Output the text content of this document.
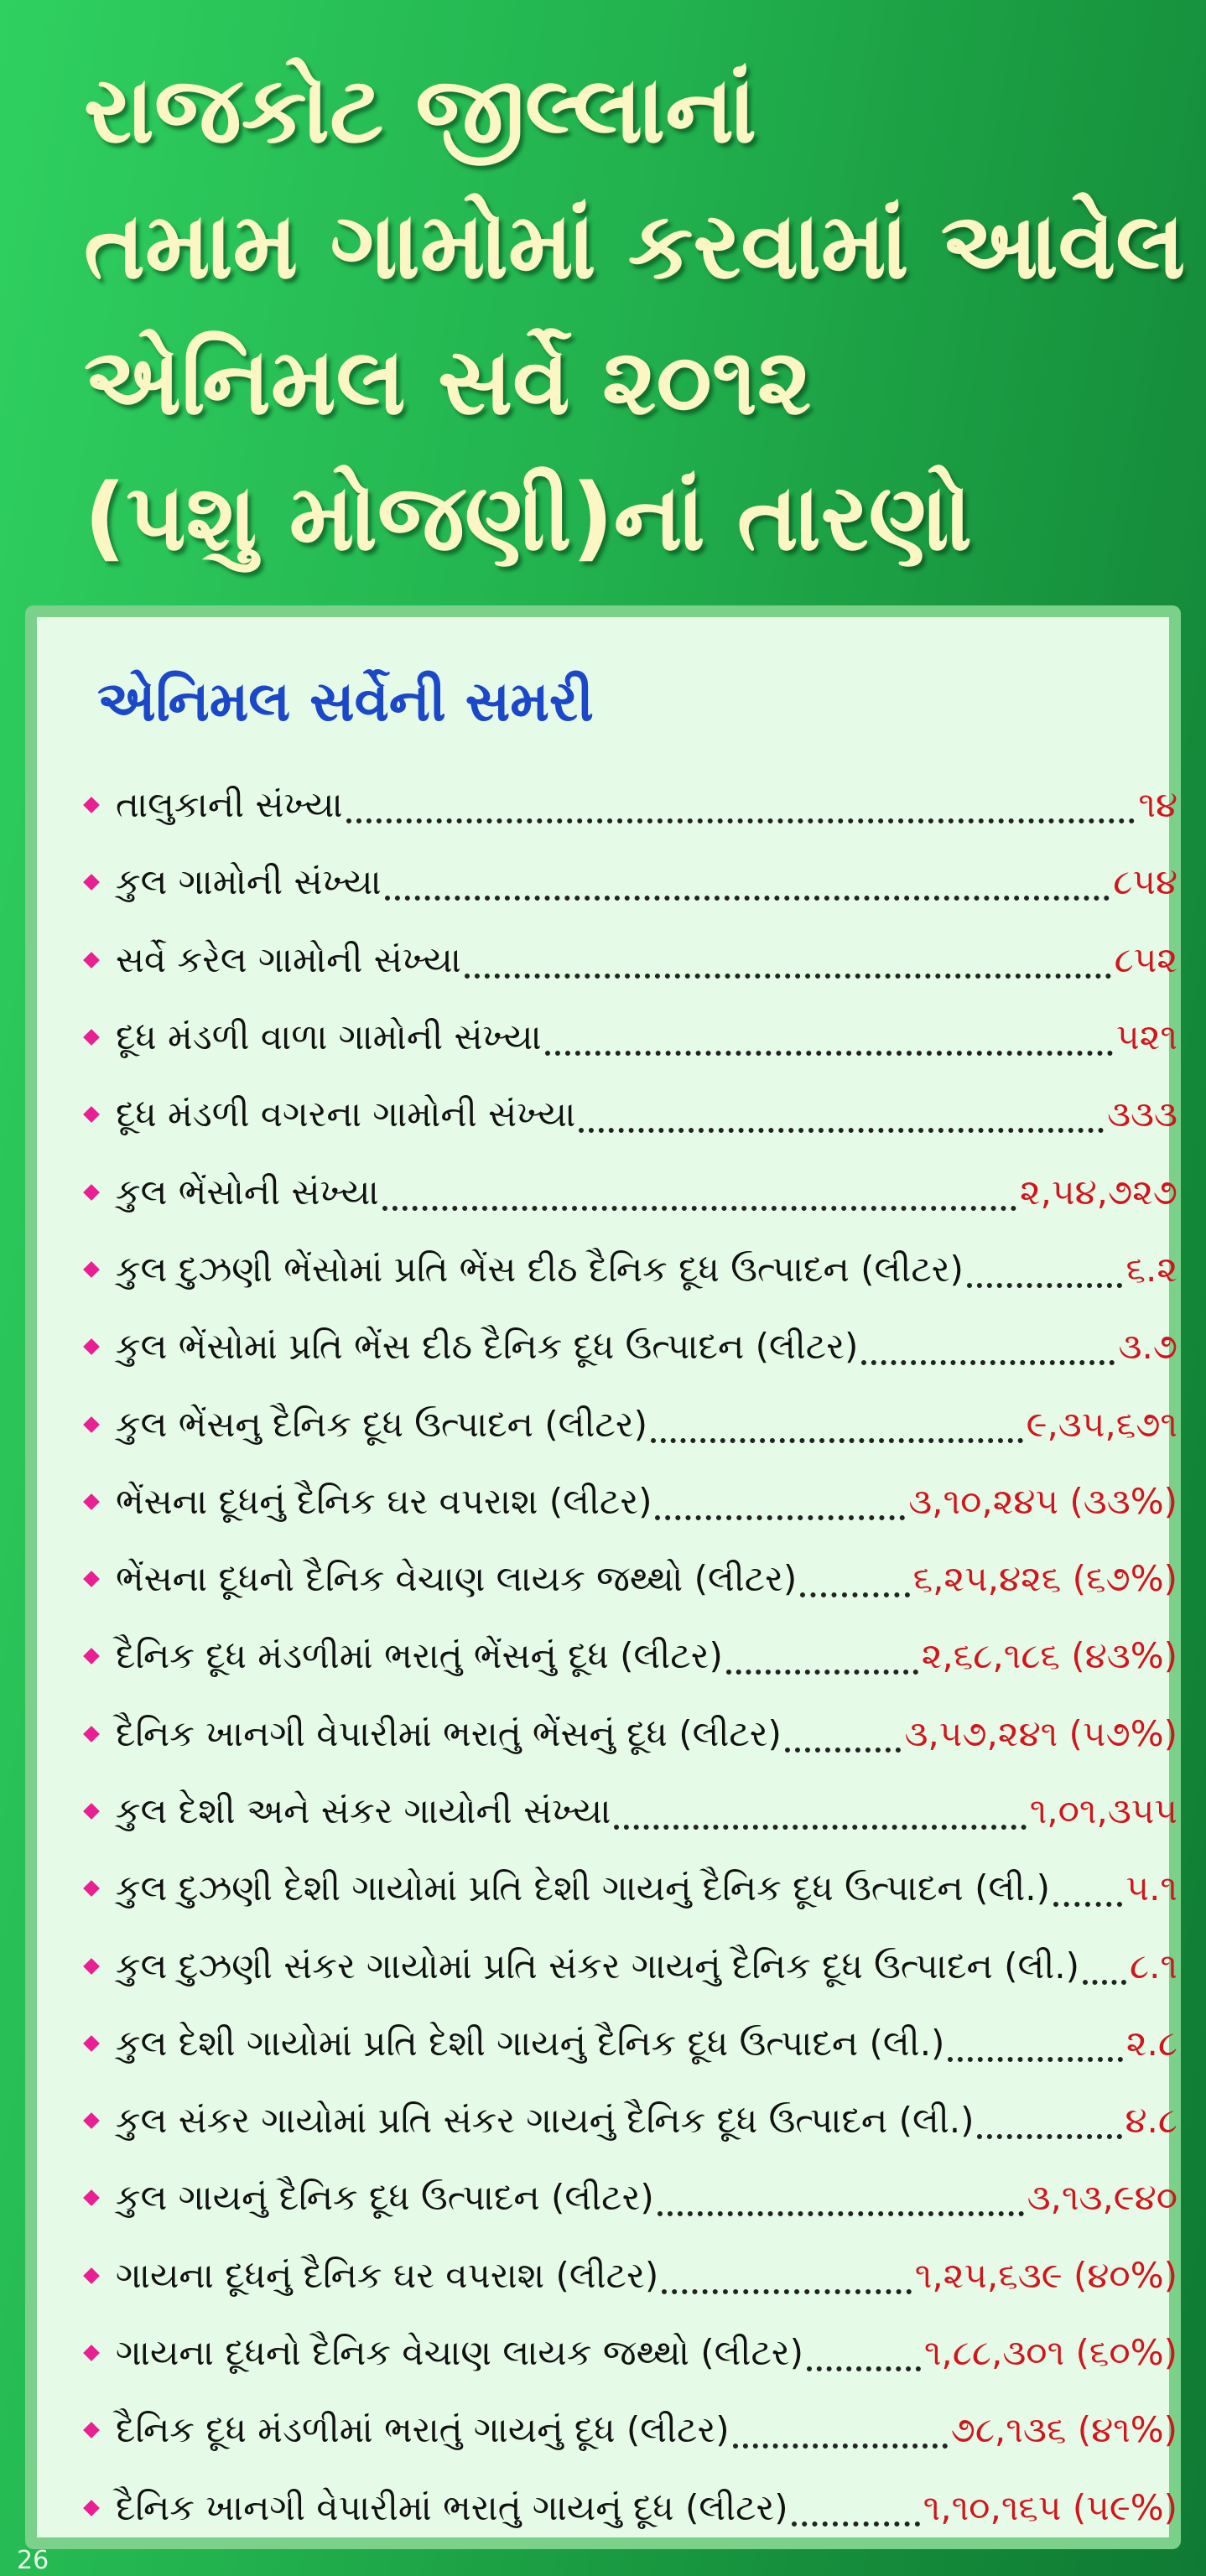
રાજકોટ જીલ્લાનાં
તમામ ગામોમાં કરવામાં આવેલ
એનિમલ સર્વે ૨૦૧૨
(પશુ મોજણી)નાં તારણો
એનિમલ સર્વેની સમરી
તાલુકાની સંખ્યા	૧૪
કુલ ગામોની સંખ્યા	૮૫૪
સર્વે કરેલ ગામોની સંખ્યા	૮૫૨
દૂધ મંડળી વાળા ગામોની સંખ્યા	૫૨૧
દૂધ મંડળી વગરના ગામોની સંખ્યા	૩૩૩
કુલ ભેંસોની સંખ્યા	૨,૫૪,૭૨૭
કુલ દુઝણી ભેંસોમાં પ્રતિ ભેંસ દીઠ દૈનિક દૂધ ઉત્પાદન (લીટર)	૬.૨
કુલ ભેંસોમાં પ્રતિ ભેંસ દીઠ દૈનિક દૂધ ઉત્પાદન (લીટર)	૩.૭
કુલ ભેંસનુ દૈનિક દૂધ ઉત્પાદન (લીટર)	૯,૩૫,૬૭૧
ભેંસના દૂધનું દૈનિક ઘર વપરાશ (લીટર)	૩,૧૦,૨૪૫ (૩૩%)
ભેંસના દૂધનો દૈનિક વેચાણ લાયક જથ્થો (લીટર)	૬,૨૫,૪૨૬ (૬૭%)
દૈનિક દૂધ મંડળીમાં ભરાતું ભેંસનું દૂધ (લીટર)	૨,૬૮,૧૮૬ (૪૩%)
દૈનિક ખાનગી વેપારીમાં ભરાતું ભેંસનું દૂધ (લીટર)	૩,૫૭,૨૪૧ (૫૭%)
કુલ દેશી અને સંકર ગાયોની સંખ્યા	૧,૦૧,૩૫૫
કુલ દુઝણી દેશી ગાયોમાં પ્રતિ દેશી ગાયનું દૈનિક દૂધ ઉત્પાદન (લી.) ૫.૧
કુલ દુઝણી સંકર ગાયોમાં પ્રતિ સંકર ગાયનું દૈનિક દૂધ ઉત્પાદન (લી.) ૮.૧
કુલ દેશી ગાયોમાં પ્રતિ દેશી ગાયનું દૈનિક દૂધ ઉત્પાદન (લી.)	૨.૮
કુલ સંકર ગાયોમાં પ્રતિ સંકર ગાયનું દૈનિક દૂધ ઉત્પાદન (લી.)	૪.૮
કુલ ગાયનું દૈનિક દૂધ ઉત્પાદન (લીટર)	૩,૧૩,૯૪૦
ગાયના દૂધનું દૈનિક ઘર વપરાશ (લીટર)	૧,૨૫,૬૩૯ (૪૦%)
ગાયના દૂધનો દૈનિક વેચાણ લાયક જથ્થો (લીટર)	૧,૮૮,૩૦૧ (૬૦%)
દૈનિક દૂધ મંડળીમાં ભરાતું ગાયનું દૂધ (લીટર)	૭૮,૧૩૬ (૪૧%)
દૈનિક ખાનગી વેપારીમાં ભરાતું ગાયનું દૂધ (લીટર)	૧,૧૦,૧૬૫ (૫૯%)
26
